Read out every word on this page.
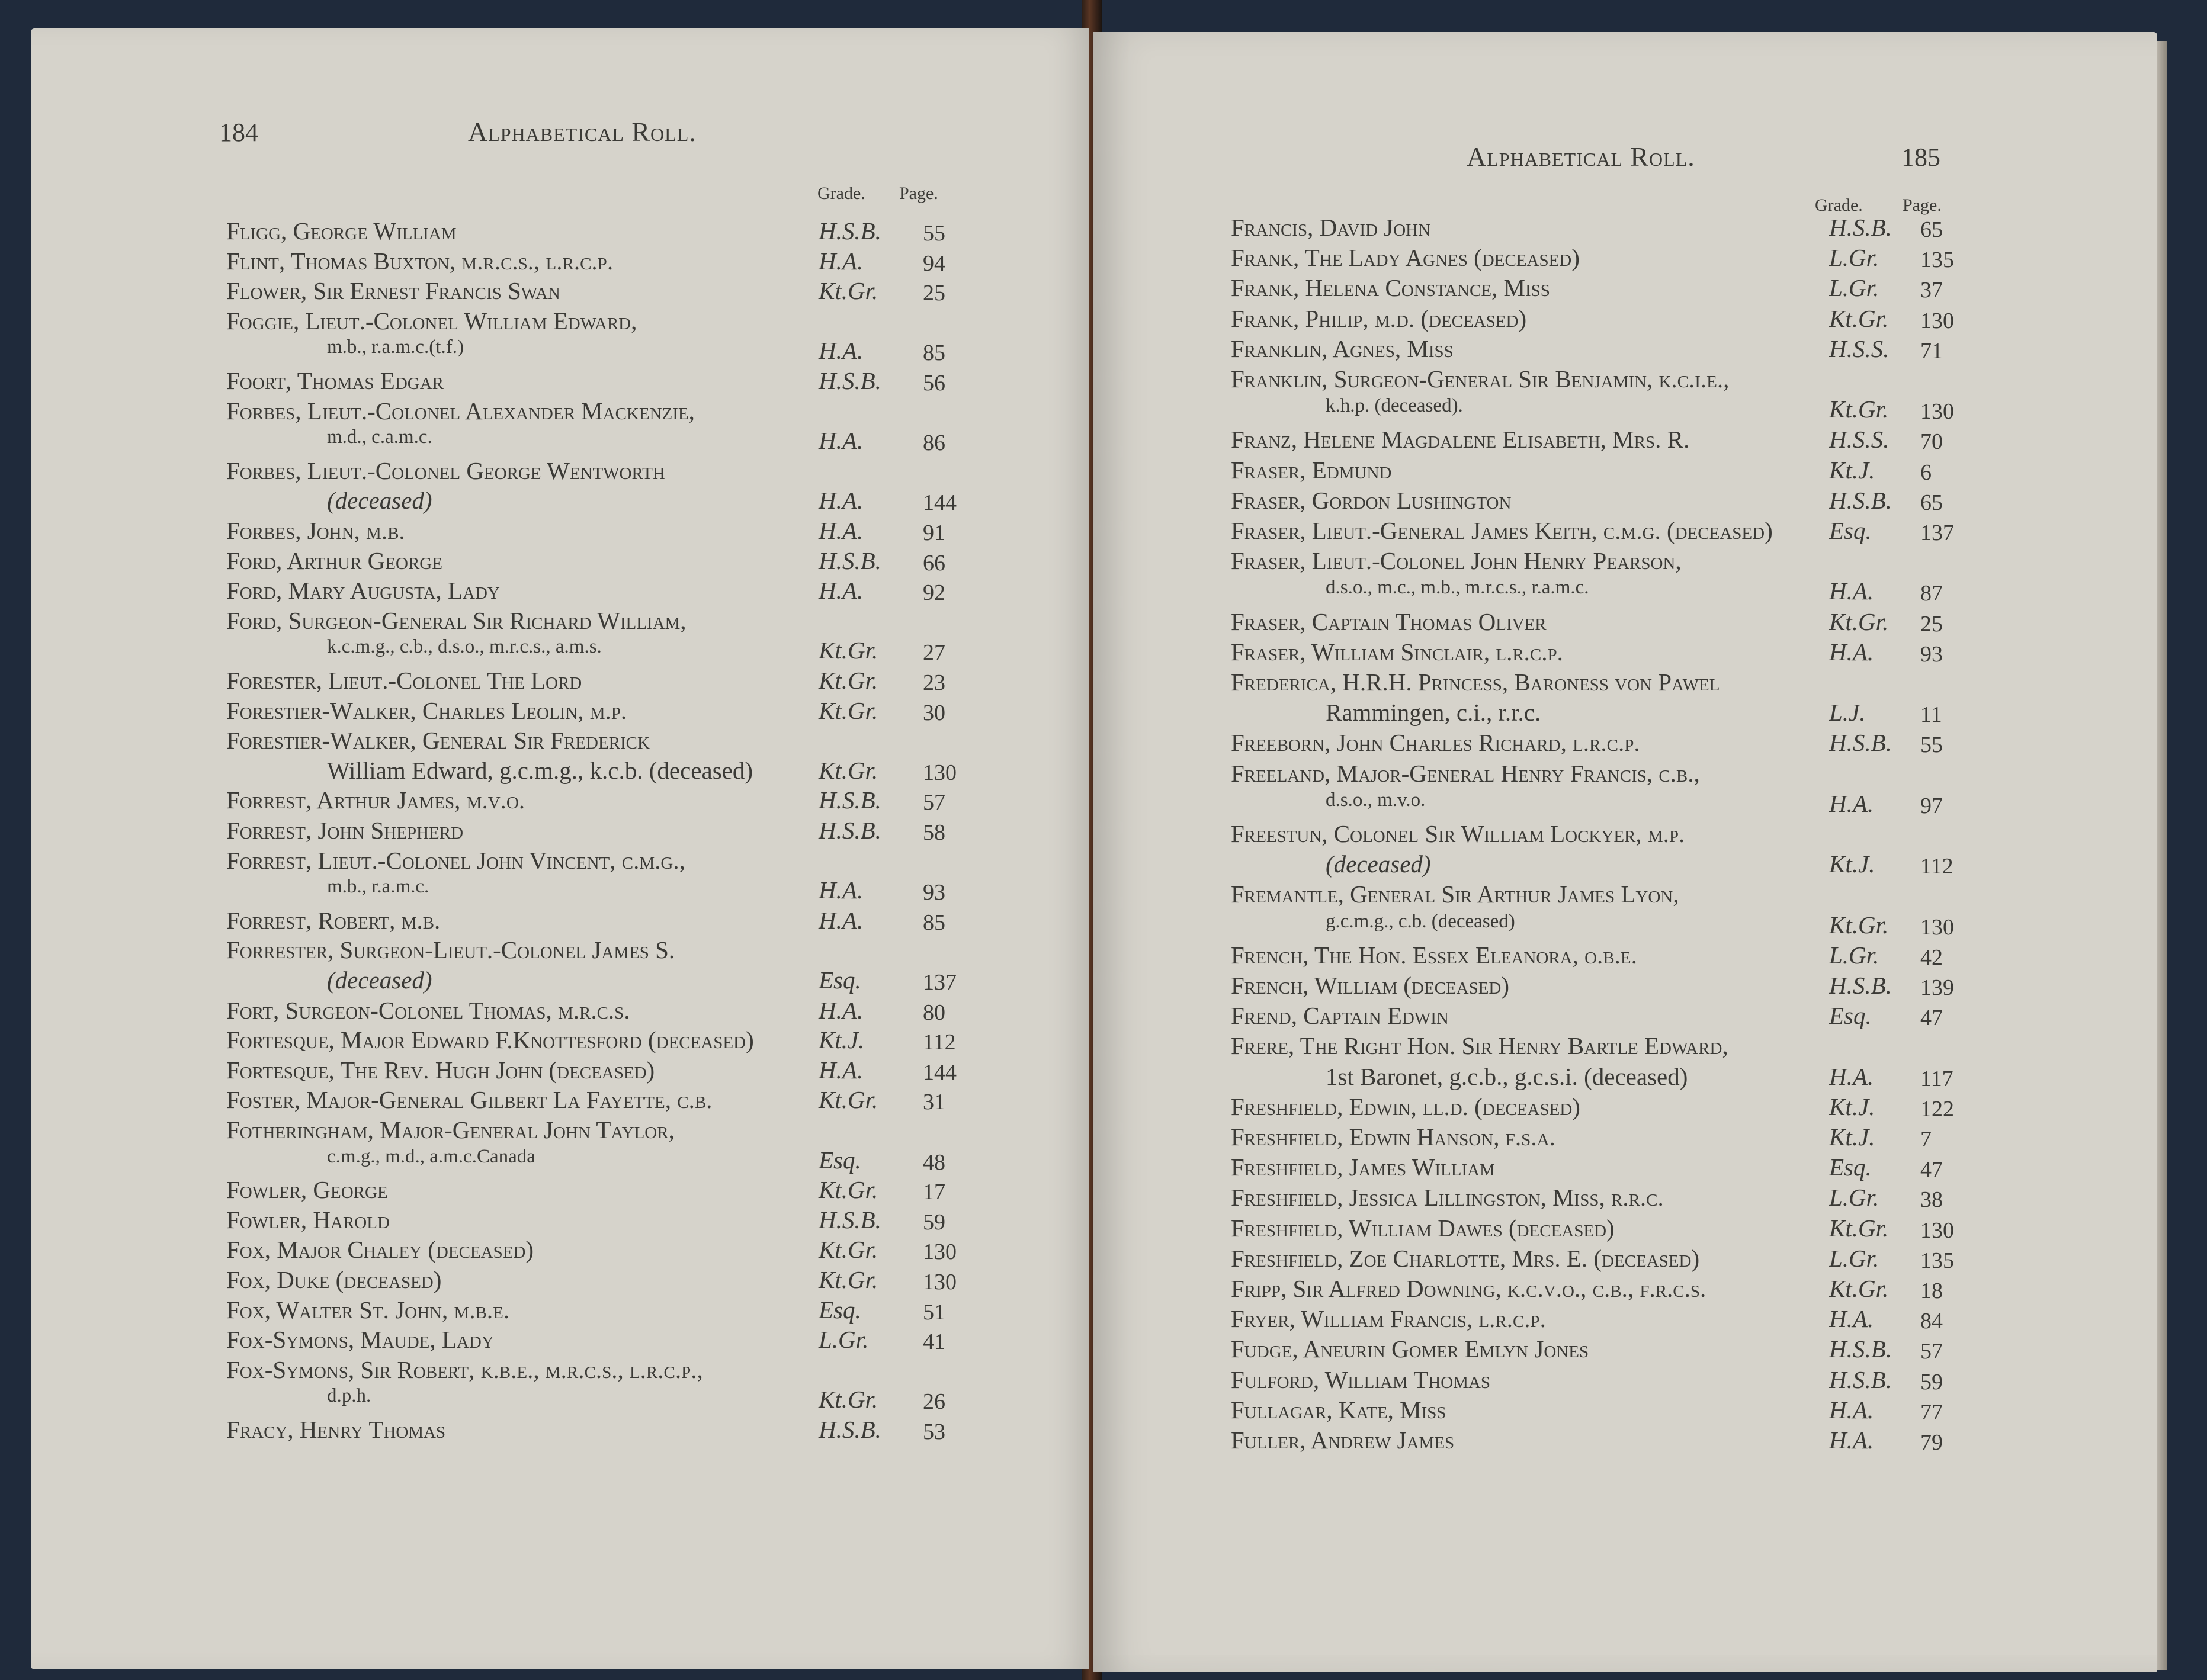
184	Alphabetical Roll.
Grade. Page.
Fligg, George William	H.S.B. 55
Flint, Thomas Buxton, m.r.c.s., l.r.c.p.	H.A.	94
Flower, Sir Ernest Francis Swan	Kt.Gr. 25
Foggie, Lieut.-Colonel William Edward,
m.b., r.a.m.c.(t.f.)	H.A.	85
Foort, Thomas Edgar	H.S.B. 56
Forbes, Lieut.-Colonel Alexander Mackenzie,
m.d., c.a.m.c.	H.A.	86
Forbes, Lieut.-Colonel George Wentworth
(deceased)	H.A.	144
Forbes, John, m.b.	H.A.	91
Ford, Arthur George	H.S.B. 66
Ford, Mary Augusta, Lady	H.A.	92
Ford, Surgeon-General Sir Richard William,
k.c.m.g., c.b., d.s.o., m.r.c.s., a.m.s.	Kt.Gr. 27
Forester, Lieut.-Colonel The Lord	Kt.Gr. 23
Forestier-Walker, Charles Leolin, m.p.	Kt.Gr. 30
Forestier-Walker, General Sir Frederick
William Edward, g.c.m.g., k.c.b. (deceased)	Kt.Gr. 130
Forrest, Arthur James, m.v.o.	H.S.B. 57
Forrest, John Shepherd	H.S.B. 58
Forrest, Lieut.-Colonel John Vincent, c.m.g.,
m.b., r.a.m.c.	H.A.	93
Forrest, Robert, m.b.	H.A.	85
Forrester, Surgeon-Lieut.-Colonel James S.
(deceased)	Esq.	137
Fort, Surgeon-Colonel Thomas, m.r.c.s.	H.A.	80
Fortesque, Major Edward F.Knottesford (deceased)	Kt.J.	112
Fortesque, The Rev. Hugh John (deceased)	H.A.	144
Foster, Major-General Gilbert La Fayette, c.b.	Kt.Gr. 31
Fotheringham, Major-General John Taylor,
c.m.g., m.d., a.m.c.Canada	Esq.	48
Fowler, George	Kt.Gr. 17
Fowler, Harold	H.S.B. 59
Fox, Major Chaley (deceased)	Kt.Gr. 130
Fox, Duke (deceased)	Kt.Gr. 130
Fox, Walter St. John, m.b.e.	Esq.	51
Fox-Symons, Maude, Lady	L.Gr. 41
Fox-Symons, Sir Robert, k.b.e., m.r.c.s., l.r.c.p.,
d.p.h.	Kt.Gr. 26
Fracy, Henry Thomas	H.S.B. 53
Alphabetical Roll.	185
Grade. Page.
Francis, David John	H.S.B. 65
Frank, The Lady Agnes (deceased)	L.Gr. 135
Frank, Helena Constance, Miss	L.Gr. 37
Frank, Philip, m.d. (deceased)	Kt.Gr. 130
Franklin, Agnes, Miss	H.S.S. 71
Franklin, Surgeon-General Sir Benjamin, k.c.i.e.,
k.h.p. (deceased).	Kt.Gr. 130
Franz, Helene Magdalene Elisabeth, Mrs. R.	H.S.S. 70
Fraser, Edmund	Kt.J. 6
Fraser, Gordon Lushington	H.S.B. 65
Fraser, Lieut.-General James Keith, c.m.g. (deceased) Esq. 137
Fraser, Lieut.-Colonel John Henry Pearson,
d.s.o., m.c., m.b., m.r.c.s., r.a.m.c.	H.A. 87
Fraser, Captain Thomas Oliver	Kt.Gr. 25
Fraser, William Sinclair, l.r.c.p.	H.A. 93
Frederica, H.R.H. Princess, Baroness von Pawel
Rammingen, c.i., r.r.c.	L.J. 11
Freeborn, John Charles Richard, l.r.c.p.	H.S.B. 55
Freeland, Major-General Henry Francis, c.b.,
d.s.o., m.v.o.	H.A. 97
Freestun, Colonel Sir William Lockyer, m.p.
(deceased)	Kt.J. 112
Fremantle, General Sir Arthur James Lyon,
g.c.m.g., c.b. (deceased)	Kt.Gr. 130
French, The Hon. Essex Eleanora, o.b.e.	L.Gr. 42
French, William (deceased)	H.S.B. 139
Frend, Captain Edwin	Esq. 47
Frere, The Right Hon. Sir Henry Bartle Edward,
1st Baronet, g.c.b., g.c.s.i. (deceased)	H.A. 117
Freshfield, Edwin, ll.d. (deceased)	Kt.J. 122
Freshfield, Edwin Hanson, f.s.a.	Kt.J. 7
Freshfield, James William	Esq. 47
Freshfield, Jessica Lillingston, Miss, r.r.c.	L.Gr. 38
Freshfield, William Dawes (deceased)	Kt.Gr. 130
Freshfield, Zoe Charlotte, Mrs. E. (deceased)	L.Gr. 135
Fripp, Sir Alfred Downing, k.c.v.o., c.b., f.r.c.s.	Kt.Gr. 18
Fryer, William Francis, l.r.c.p.	H.A. 84
Fudge, Aneurin Gomer Emlyn Jones	H.S.B. 57
Fulford, William Thomas	H.S.B. 59
Fullagar, Kate, Miss	H.A. 77
Fuller, Andrew James	H.A. 79
